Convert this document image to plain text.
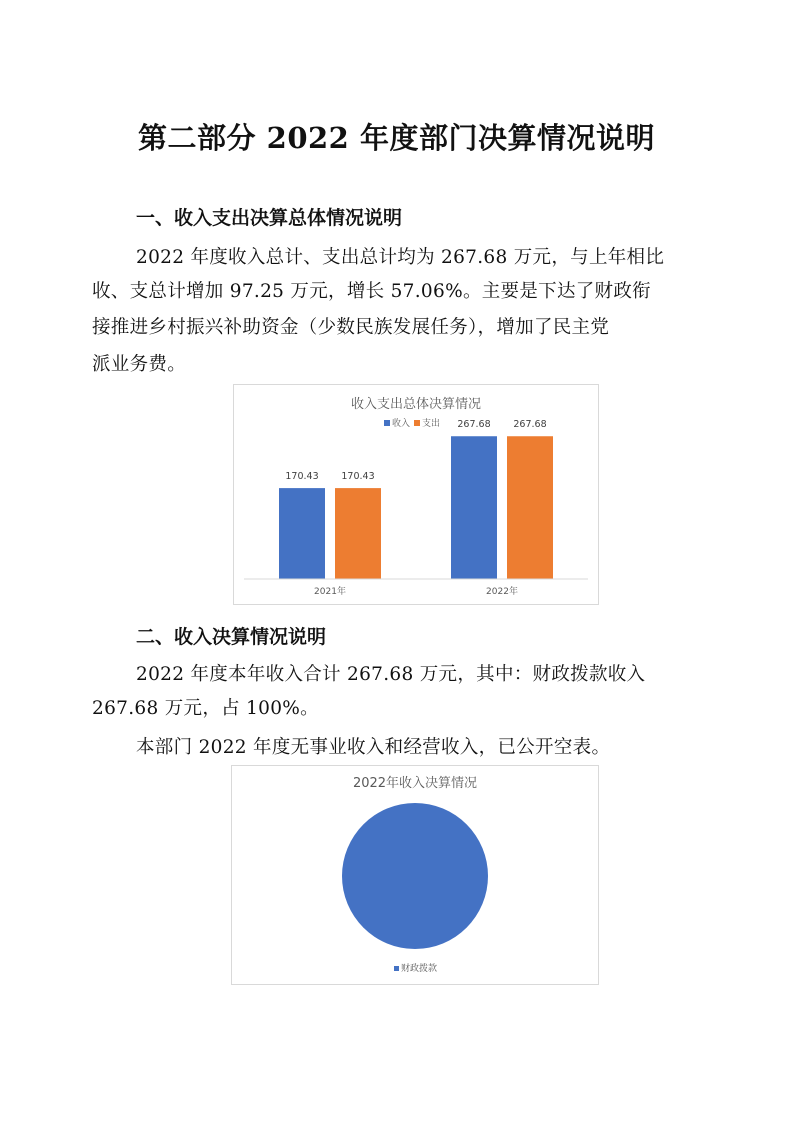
第二部分 2022 年度部门决算情况说明
一、收入支出决算总体情况说明
2022 年度收入总计、支出总计均为 267.68 万元，与上年相比
收、支总计增加 97.25 万元，增长 57.06%。主要是下达了财政衔
接推进乡村振兴补助资金（少数民族发展任务），增加了民主党
派业务费。
收入支出总体决算情况
收入 支出
170.43 170.43
267.68 267.68
2021年	2022年
二、收入决算情况说明
2022 年度本年收入合计 267.68 万元，其中：财政拨款收入
267.68 万元，占 100%。
本部门 2022 年度无事业收入和经营收入，已公开空表。
2022年收入决算情况
财政拨款
